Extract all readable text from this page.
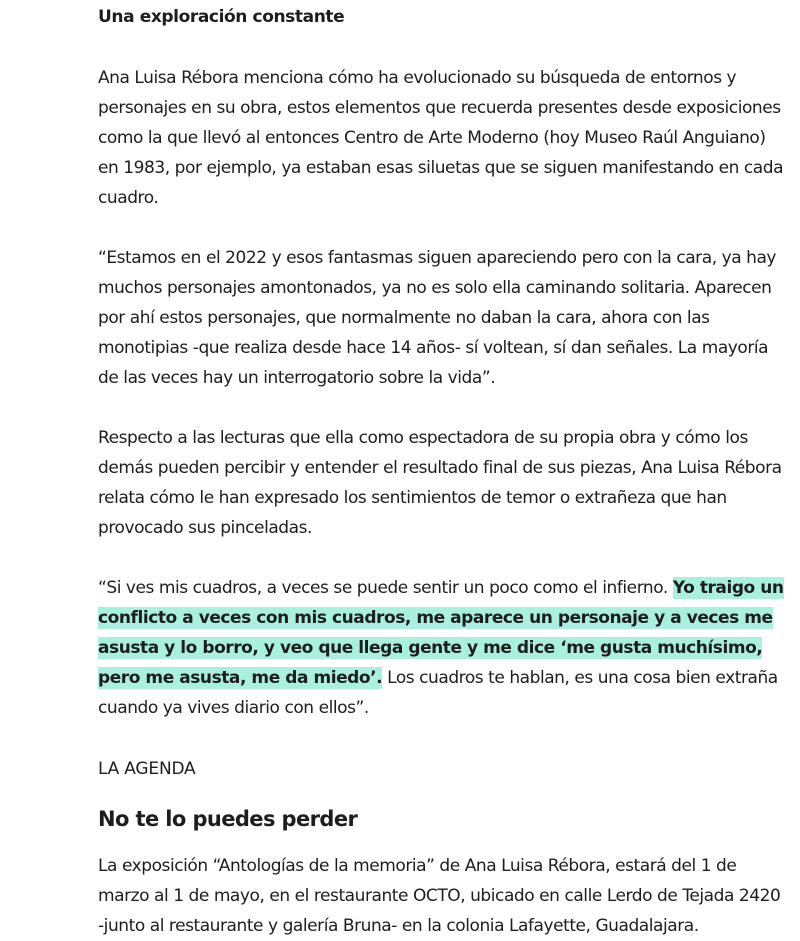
Una exploración constante

Ana Luisa Rébora menciona cómo ha evolucionado su búsqueda de entornos y personajes en su obra, estos elementos que recuerda presentes desde exposiciones como la que llevó al entonces Centro de Arte Moderno (hoy Museo Raúl Anguiano) en 1983, por ejemplo, ya estaban esas siluetas que se siguen manifestando en cada cuadro.

“Estamos en el 2022 y esos fantasmas siguen apareciendo pero con la cara, ya hay muchos personajes amontonados, ya no es solo ella caminando solitaria. Aparecen por ahí estos personajes, que normalmente no daban la cara, ahora con las monotipias -que realiza desde hace 14 años- sí voltean, sí dan señales. La mayoría de las veces hay un interrogatorio sobre la vida”.

Respecto a las lecturas que ella como espectadora de su propia obra y cómo los demás pueden percibir y entender el resultado final de sus piezas, Ana Luisa Rébora relata cómo le han expresado los sentimientos de temor o extrañeza que han provocado sus pinceladas.

“Si ves mis cuadros, a veces se puede sentir un poco como el infierno. Yo traigo un conflicto a veces con mis cuadros, me aparece un personaje y a veces me asusta y lo borro, y veo que llega gente y me dice ‘me gusta muchísimo, pero me asusta, me da miedo’. Los cuadros te hablan, es una cosa bien extraña cuando ya vives diario con ellos”.

LA AGENDA

No te lo puedes perder

La exposición “Antologías de la memoria” de Ana Luisa Rébora, estará del 1 de marzo al 1 de mayo, en el restaurante OCTO, ubicado en calle Lerdo de Tejada 2420 -junto al restaurante y galería Bruna- en la colonia Lafayette, Guadalajara.
